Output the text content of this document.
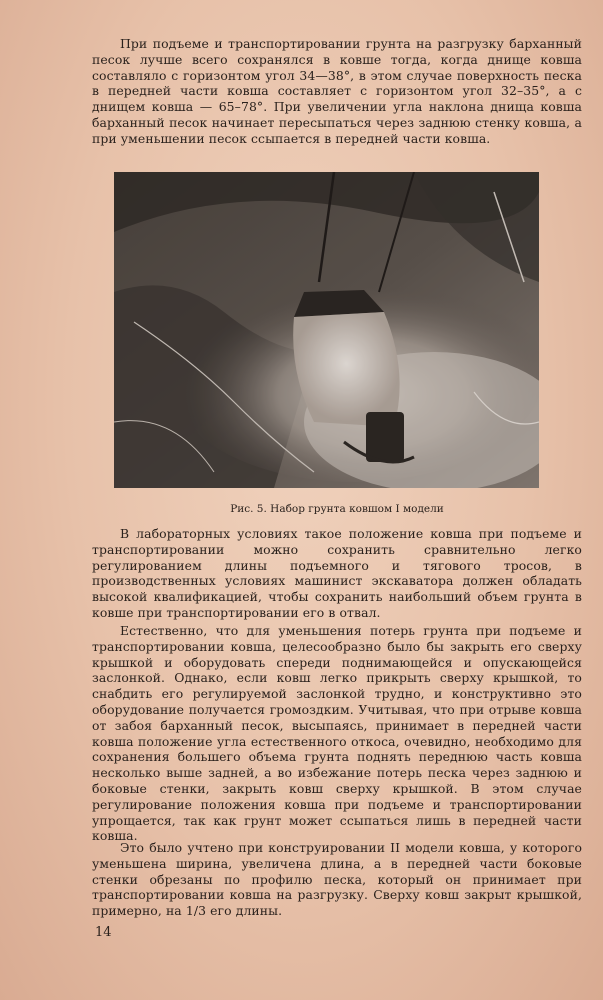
При подъеме и транспортировании грунта на разгрузку барханный песок лучше всего сохранялся в ковше тогда, когда днище ковша составляло с горизонтом угол 34—38°, в этом случае поверхность песка в передней части ковша составляет с горизонтом угол 32–35°, а с днищем ковша — 65–78°. При увеличении угла наклона днища ковша барханный песок начинает пересыпаться через заднюю стенку ковша, а при уменьшении песок ссыпается в передней части ковша.

Рис. 5. Набор грунта ковшом I модели

В лабораторных условиях такое положение ковша при подъеме и транспортировании можно сохранить сравнительно легко регулированием длины подъемного и тягового тросов, в производственных условиях машинист экскаватора должен обладать высокой квалификацией, чтобы сохранить наибольший объем грунта в ковше при транспортировании его в отвал.

Естественно, что для уменьшения потерь грунта при подъеме и транспортировании ковша, целесообразно было бы закрыть его сверху крышкой и оборудовать спереди поднимающейся и опускающейся заслонкой. Однако, если ковш легко прикрыть сверху крышкой, то снабдить его регулируемой заслонкой трудно, и конструктивно это оборудование получается громоздким. Учитывая, что при отрыве ковша от забоя барханный песок, высыпаясь, принимает в передней части ковша положение угла естественного откоса, очевидно, необходимо для сохранения большего объема грунта поднять переднюю часть ковша несколько выше задней, а во избежание потерь песка через заднюю и боковые стенки, закрыть ковш сверху крышкой. В этом случае регулирование положения ковша при подъеме и транспортировании упрощается, так как грунт может ссыпаться лишь в передней части ковша.

Это было учтено при конструировании II модели ковша, у которого уменьшена ширина, увеличена длина, а в передней части боковые стенки обрезаны по профилю песка, который он принимает при транспортировании ковша на разгрузку. Сверху ковш закрыт крышкой, примерно, на 1/3 его длины.

14
